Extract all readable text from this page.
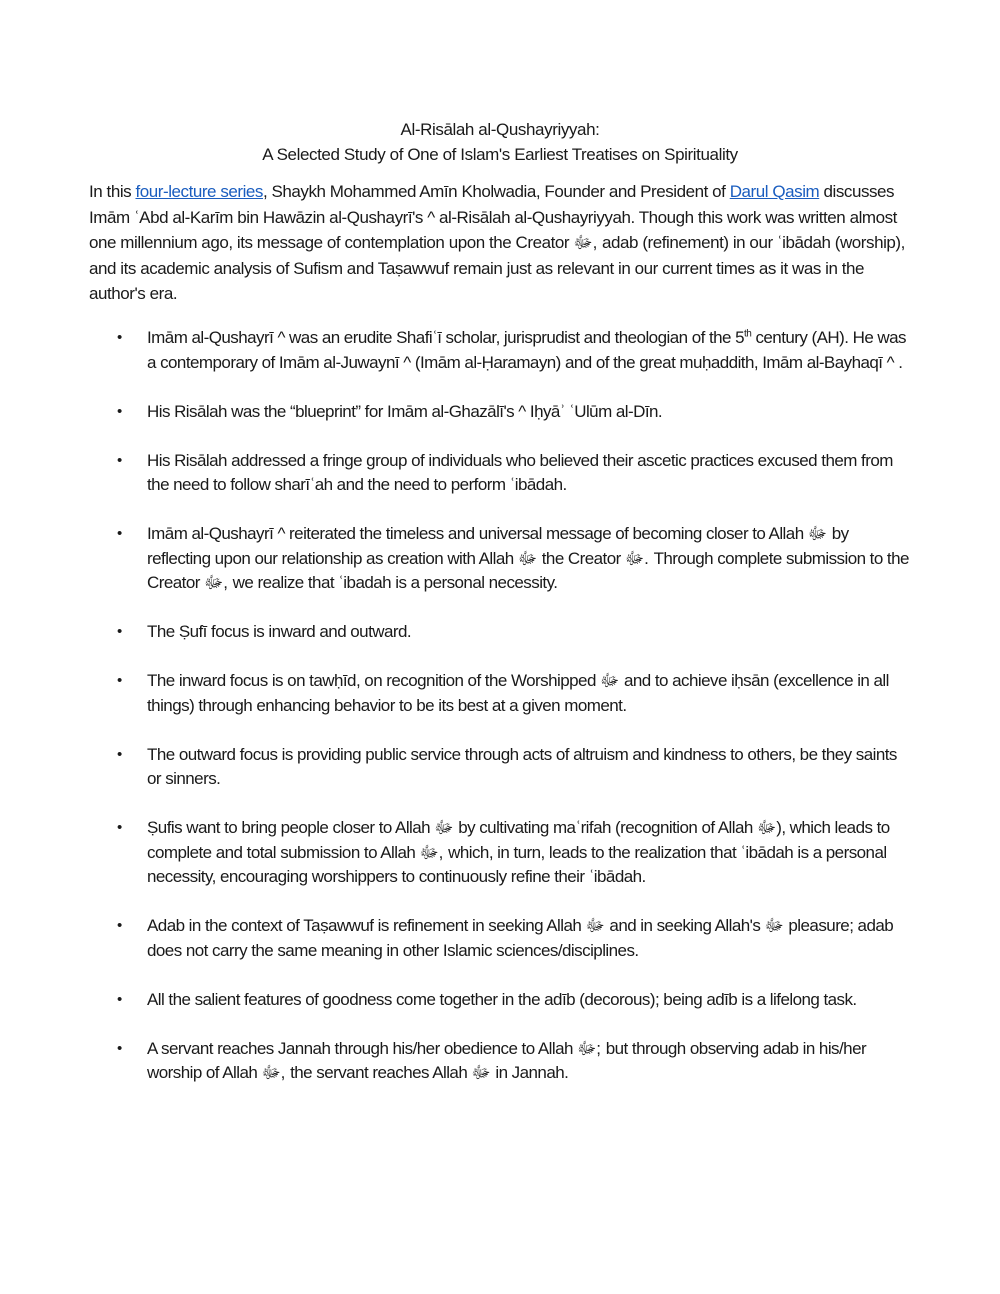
Al-Risālah al-Qushayriyyah:
A Selected Study of One of Islam's Earliest Treatises on Spirituality

In this four-lecture series, Shaykh Mohammed Amīn Kholwadia, Founder and President of Darul Qasim discusses Imām ʿAbd al-Karīm bin Hawāzin al-Qushayrī's ^ al-Risālah al-Qushayriyyah. Though this work was written almost one millennium ago, its message of contemplation upon the Creator ﷻ, adab (refinement) in our ʿibādah (worship), and its academic analysis of Sufism and Taṣawwuf remain just as relevant in our current times as it was in the author's era.

•	Imām al-Qushayrī ^ was an erudite Shafiʿī scholar, jurisprudist and theologian of the 5th century (AH). He was a contemporary of Imām al-Juwaynī ^ (Imām al-Ḥaramayn) and of the great muḥaddith, Imām al-Bayhaqī ^ .
•	His Risālah was the “blueprint” for Imām al-Ghazālī's ^ Iḥyāʾ ʿUlūm al-Dīn.
•	His Risālah addressed a fringe group of individuals who believed their ascetic practices excused them from the need to follow sharīʿah and the need to perform ʿibādah.
•	Imām al-Qushayrī ^ reiterated the timeless and universal message of becoming closer to Allah ﷻ by reflecting upon our relationship as creation with Allah ﷻ the Creator ﷻ. Through complete submission to the Creator ﷻ, we realize that ʿibadah is a personal necessity.
•	The Ṣufī focus is inward and outward.
•	The inward focus is on tawḥīd, on recognition of the Worshipped ﷻ and to achieve iḥsān (excellence in all things) through enhancing behavior to be its best at a given moment.
•	The outward focus is providing public service through acts of altruism and kindness to others, be they saints or sinners.
•	Ṣufis want to bring people closer to Allah ﷻ by cultivating maʿrifah (recognition of Allah ﷻ), which leads to complete and total submission to Allah ﷻ, which, in turn, leads to the realization that ʿibādah is a personal necessity, encouraging worshippers to continuously refine their ʿibādah.
•	Adab in the context of Taṣawwuf is refinement in seeking Allah ﷻ and in seeking Allah's ﷻ pleasure; adab does not carry the same meaning in other Islamic sciences/disciplines.
•	All the salient features of goodness come together in the adīb (decorous); being adīb is a lifelong task.
•	A servant reaches Jannah through his/her obedience to Allah ﷻ; but through observing adab in his/her worship of Allah ﷻ, the servant reaches Allah ﷻ in Jannah.
